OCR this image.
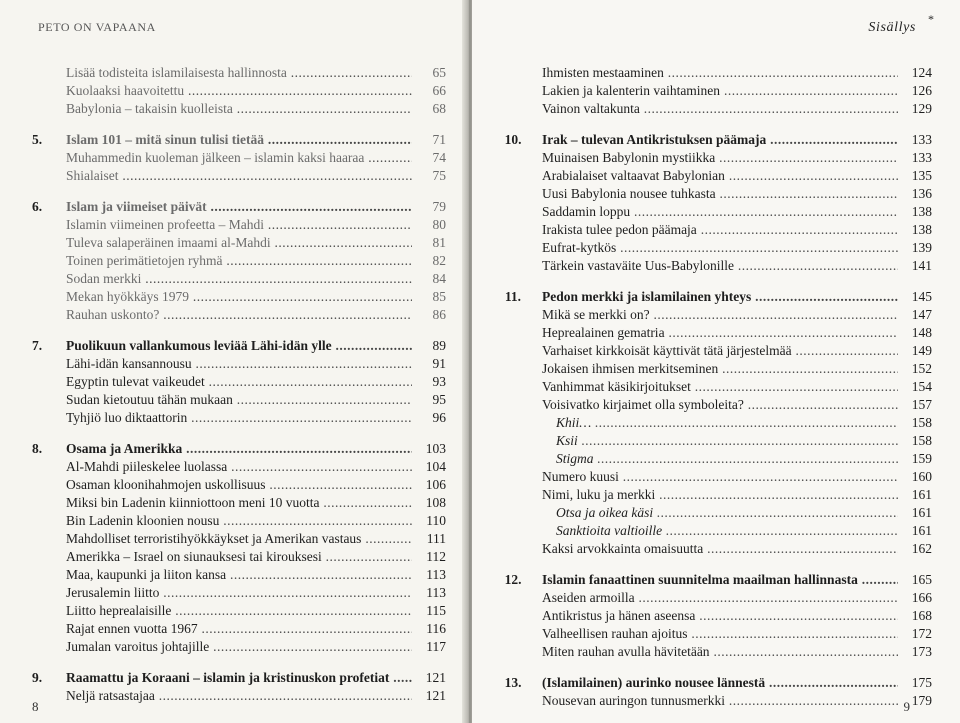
PETO ON VAPAANA
Lisää todisteita islamilaisesta hallinnosta .....	65
Kuolaaksi haavoitettu .....	66
Babylonia – takaisin kuolleista .....	68
5.	Islam 101 – mitä sinun tulisi tietää .....	71
Muhammedin kuoleman jälkeen – islamin kaksi haaraa .....	74
Shialaiset .....	75
6.	Islam ja viimeiset päivät .....	79
Islamin viimeinen profeetta – Mahdi .....	80
Tuleva salaperäinen imaami al-Mahdi .....	81
Toinen perimätietojen ryhmä .....	82
Sodan merkki .....	84
Mekan hyökkäys 1979 .....	85
Rauhan uskonto? .....	86
7.	Puolikuun vallankumous leviää Lähi-idän ylle .....	89
Lähi-idän kansannousu .....	91
Egyptin tulevat vaikeudet .....	93
Sudan kietoutuu tähän mukaan .....	95
Tyhjiö luo diktaattorin .....	96
8.	Osama ja Amerikka .....	103
Al-Mahdi piileskelee luolassa .....	104
Osaman kloonihahmojen uskollisuus .....	106
Miksi bin Ladenin kiinniottoon meni 10 vuotta .....	108
Bin Ladenin kloonien nousu .....	110
Mahdolliset terroristihyökkäykset ja Amerikan vastaus .....	111
Amerikka – Israel on siunauksesi tai kirouksesi .....	112
Maa, kaupunki ja liiton kansa .....	113
Jerusalemin liitto .....	113
Liitto heprealaisille .....	115
Rajat ennen vuotta 1967 .....	116
Jumalan varoitus johtajille .....	117
9.	Raamattu ja Koraani – islamin ja kristinuskon profetiat .....	121
Neljä ratsastajaa .....	121
8
Sisällys
*
Ihmisten mestaaminen .....	124
Lakien ja kalenterin vaihtaminen .....	126
Vainon valtakunta .....	129
10.	Irak – tulevan Antikristuksen päämaja .....	133
Muinaisen Babylonin mystiikka .....	133
Arabialaiset valtaavat Babylonian .....	135
Uusi Babylonia nousee tuhkasta .....	136
Saddamin loppu .....	138
Irakista tulee pedon päämaja .....	138
Eufrat-kytkös .....	139
Tärkein vastaväite Uus-Babylonille .....	141
11.	Pedon merkki ja islamilainen yhteys .....	145
Mikä se merkki on? .....	147
Heprealainen gematria .....	148
Varhaiset kirkkoisät käyttivät tätä järjestelmää .....	149
Jokaisen ihmisen merkitseminen .....	152
Vanhimmat käsikirjoitukset .....	154
Voisivatko kirjaimet olla symboleita? .....	157
Khii… .....	158
Ksii .....	158
Stigma .....	159
Numero kuusi .....	160
Nimi, luku ja merkki .....	161
Otsa ja oikea käsi .....	161
Sanktioita valtioille .....	161
Kaksi arvokkainta omaisuutta .....	162
12.	Islamin fanaattinen suunnitelma maailman hallinnasta .....	165
Aseiden armoilla .....	166
Antikristus ja hänen aseensa .....	168
Valheellisen rauhan ajoitus .....	172
Miten rauhan avulla hävitetään .....	173
13.	(Islamilainen) aurinko nousee lännestä .....	175
Nousevan auringon tunnusmerkki .....	179
9
